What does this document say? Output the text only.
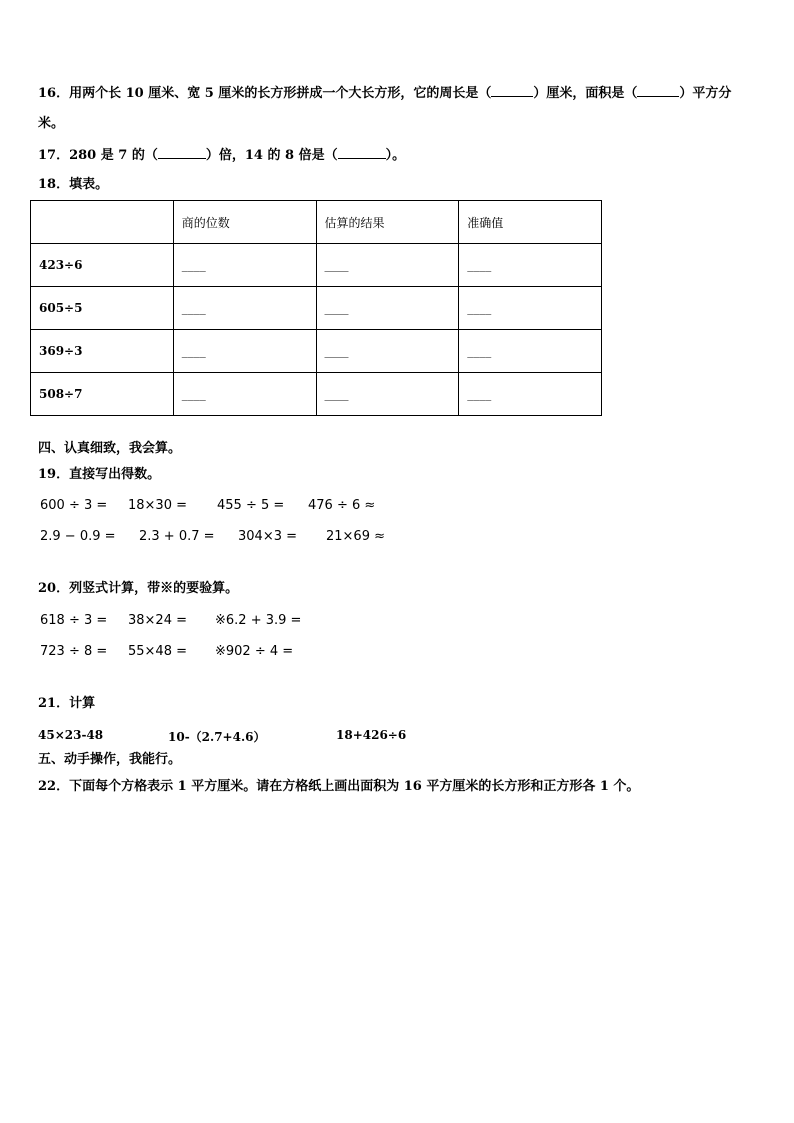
16．用两个长 10 厘米、宽 5 厘米的长方形拼成一个大长方形，它的周长是（	）厘米，面积是（	）平方分
米。
17．280 是 7 的（	）倍，14 的 8 倍是（	）。
18．填表。
	商的位数	估算的结果	准确值
423÷6	____	____	____
605÷5	____	____	____
369÷3	____	____	____
508÷7	____	____	____
四、认真细致，我会算。
19．直接写出得数。
600 ÷ 3 = 18×30 = 455 ÷ 5 = 476 ÷ 6 ≈
2.9 − 0.9 = 2.3 + 0.7 = 304×3 = 21×69 ≈
20．列竖式计算，带※的要验算。
618 ÷ 3 = 38×24 = ※6.2 + 3.9 =
723 ÷ 8 = 55×48 = ※902 ÷ 4 =
21．计算
45×23-48	10-（2.7+4.6）	18+426÷6
五、动手操作，我能行。
22．下面每个方格表示 1 平方厘米。请在方格纸上画出面积为 16 平方厘米的长方形和正方形各 1 个。
